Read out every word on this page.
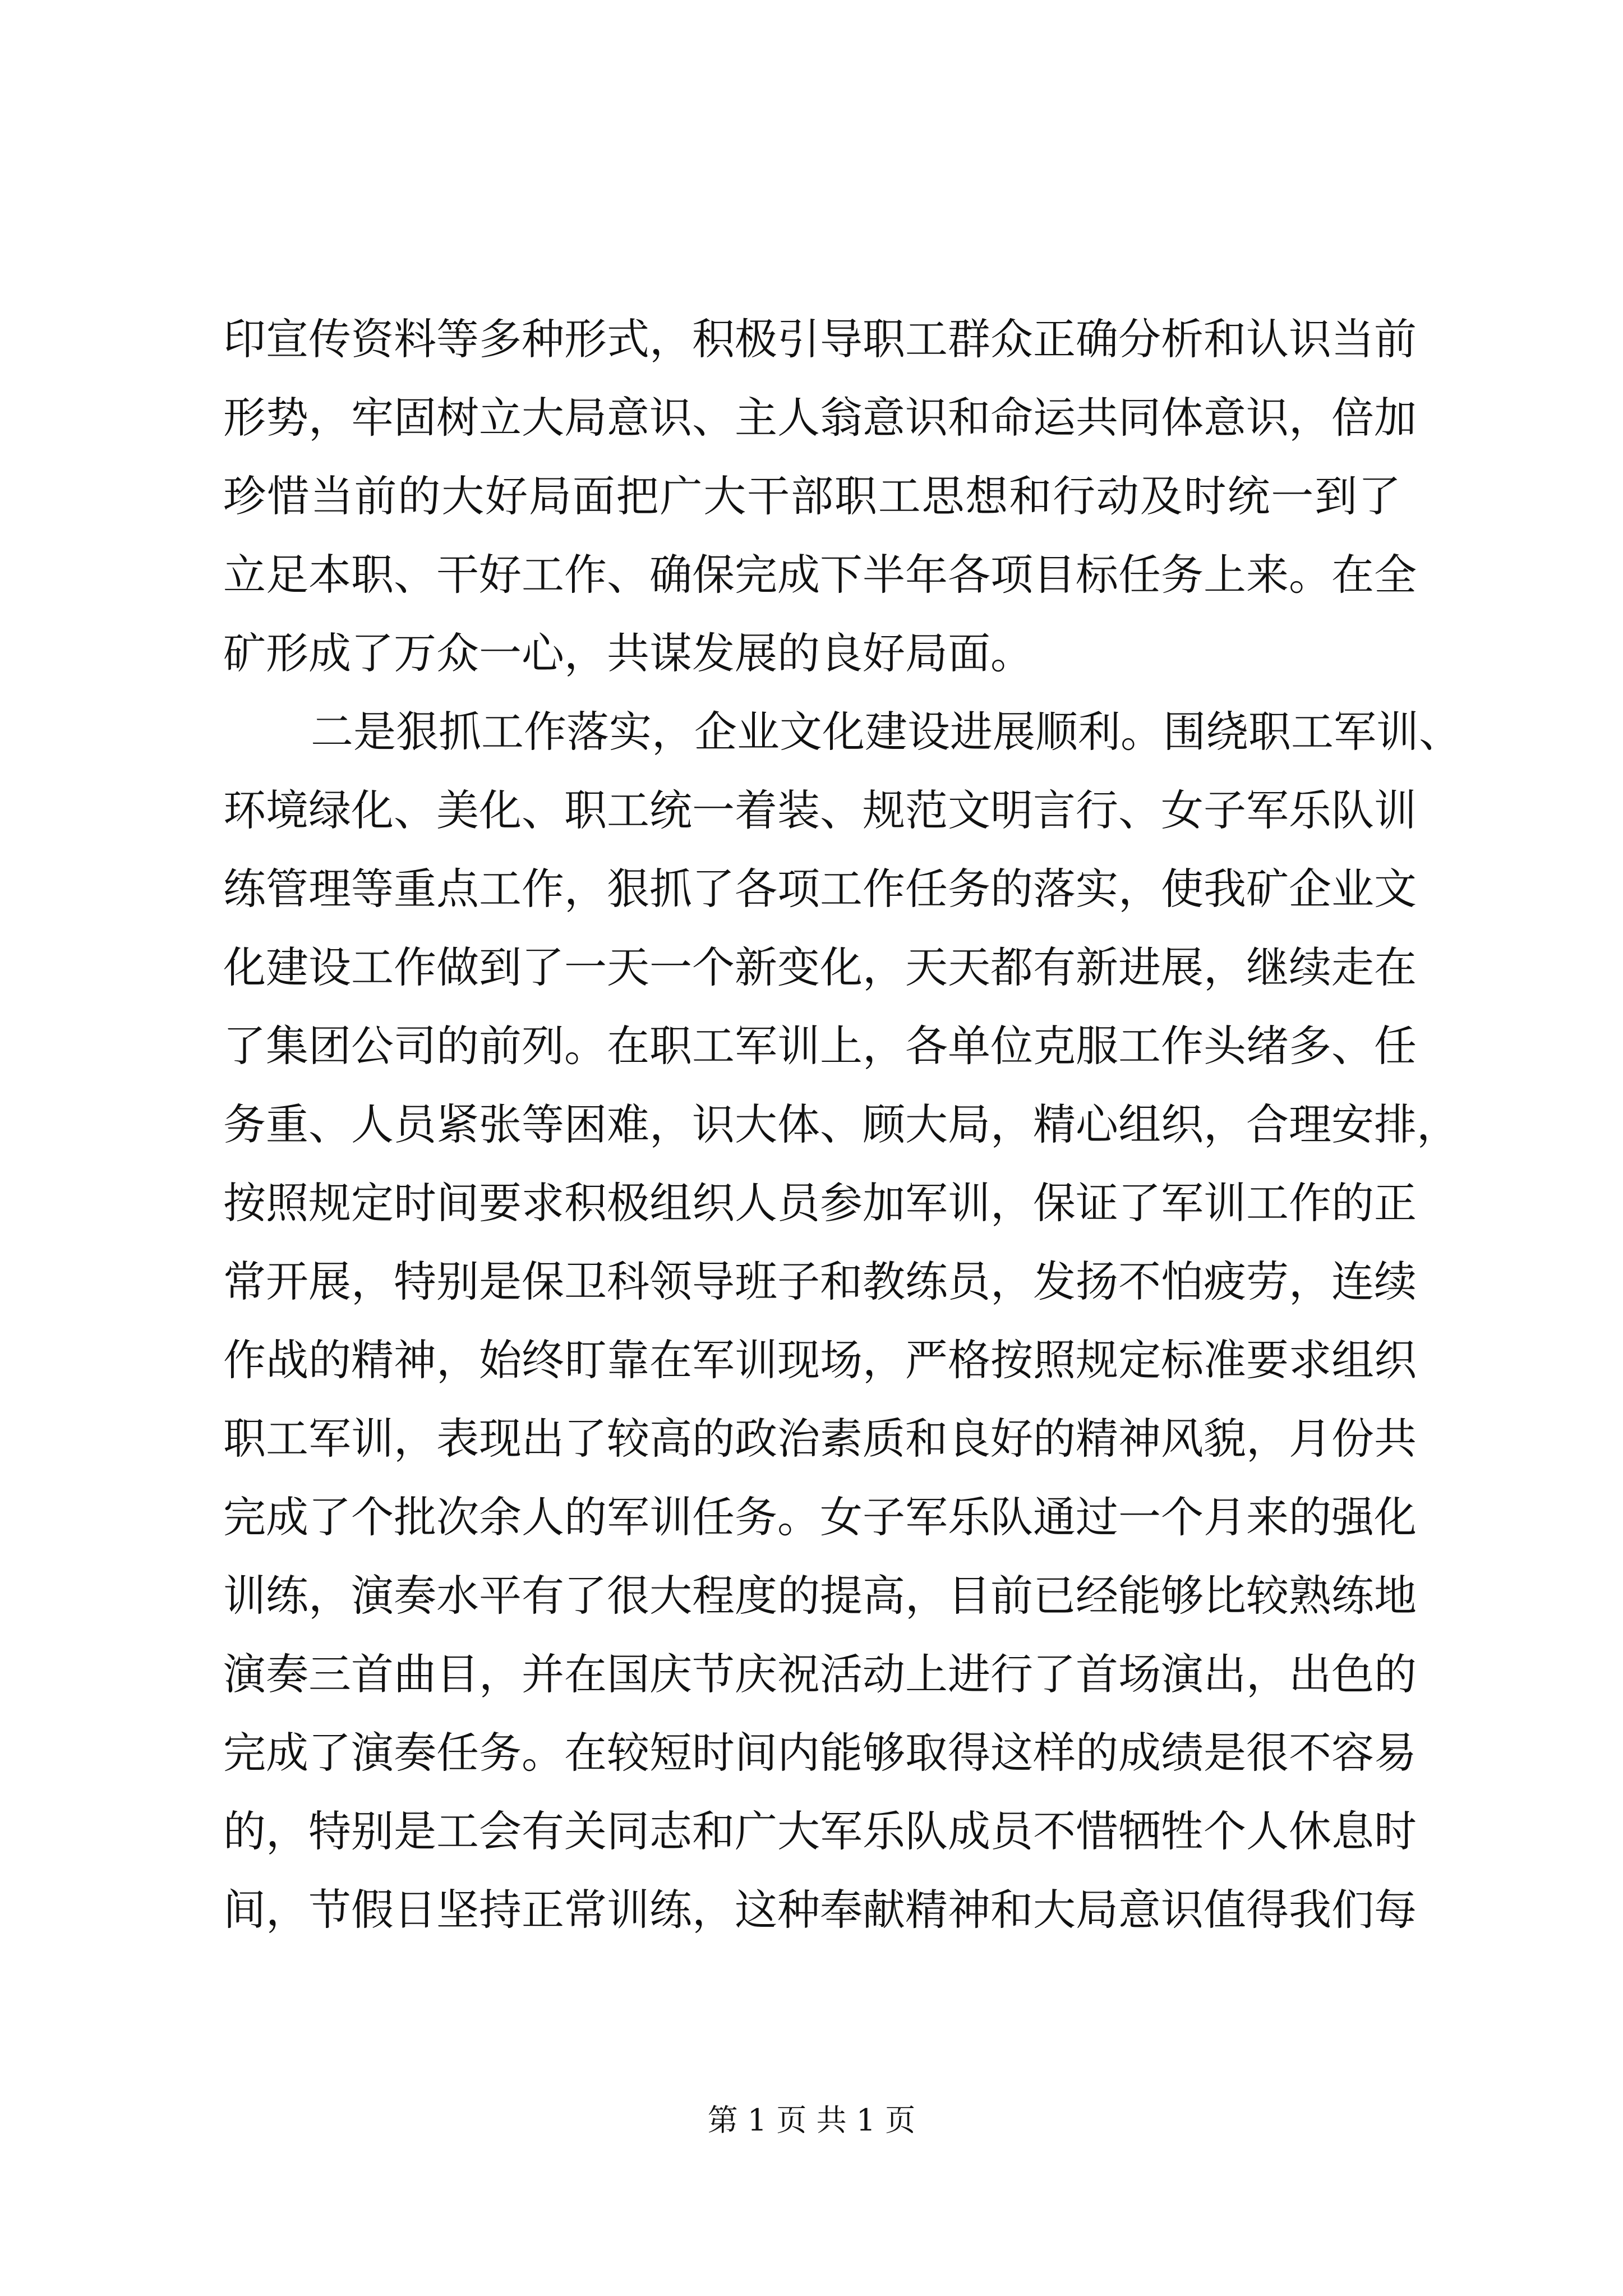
印宣传资料等多种形式，积极引导职工群众正确分析和认识当前
形势，牢固树立大局意识、主人翁意识和命运共同体意识，倍加
珍惜当前的大好局面把广大干部职工思想和行动及时统一到了
立足本职、干好工作、确保完成下半年各项目标任务上来。在全
矿形成了万众一心，共谋发展的良好局面。
二是狠抓工作落实，企业文化建设进展顺利。围绕职工军训、
环境绿化、美化、职工统一着装、规范文明言行、女子军乐队训
练管理等重点工作，狠抓了各项工作任务的落实，使我矿企业文
化建设工作做到了一天一个新变化，天天都有新进展，继续走在
了集团公司的前列。在职工军训上，各单位克服工作头绪多、任
务重、人员紧张等困难，识大体、顾大局，精心组织，合理安排，
按照规定时间要求积极组织人员参加军训，保证了军训工作的正
常开展，特别是保卫科领导班子和教练员，发扬不怕疲劳，连续
作战的精神，始终盯靠在军训现场，严格按照规定标准要求组织
职工军训，表现出了较高的政治素质和良好的精神风貌，月份共
完成了个批次余人的军训任务。女子军乐队通过一个月来的强化
训练，演奏水平有了很大程度的提高，目前已经能够比较熟练地
演奏三首曲目，并在国庆节庆祝活动上进行了首场演出，出色的
完成了演奏任务。在较短时间内能够取得这样的成绩是很不容易
的，特别是工会有关同志和广大军乐队成员不惜牺牲个人休息时
间，节假日坚持正常训练，这种奉献精神和大局意识值得我们每
第 1 页 共 1 页
